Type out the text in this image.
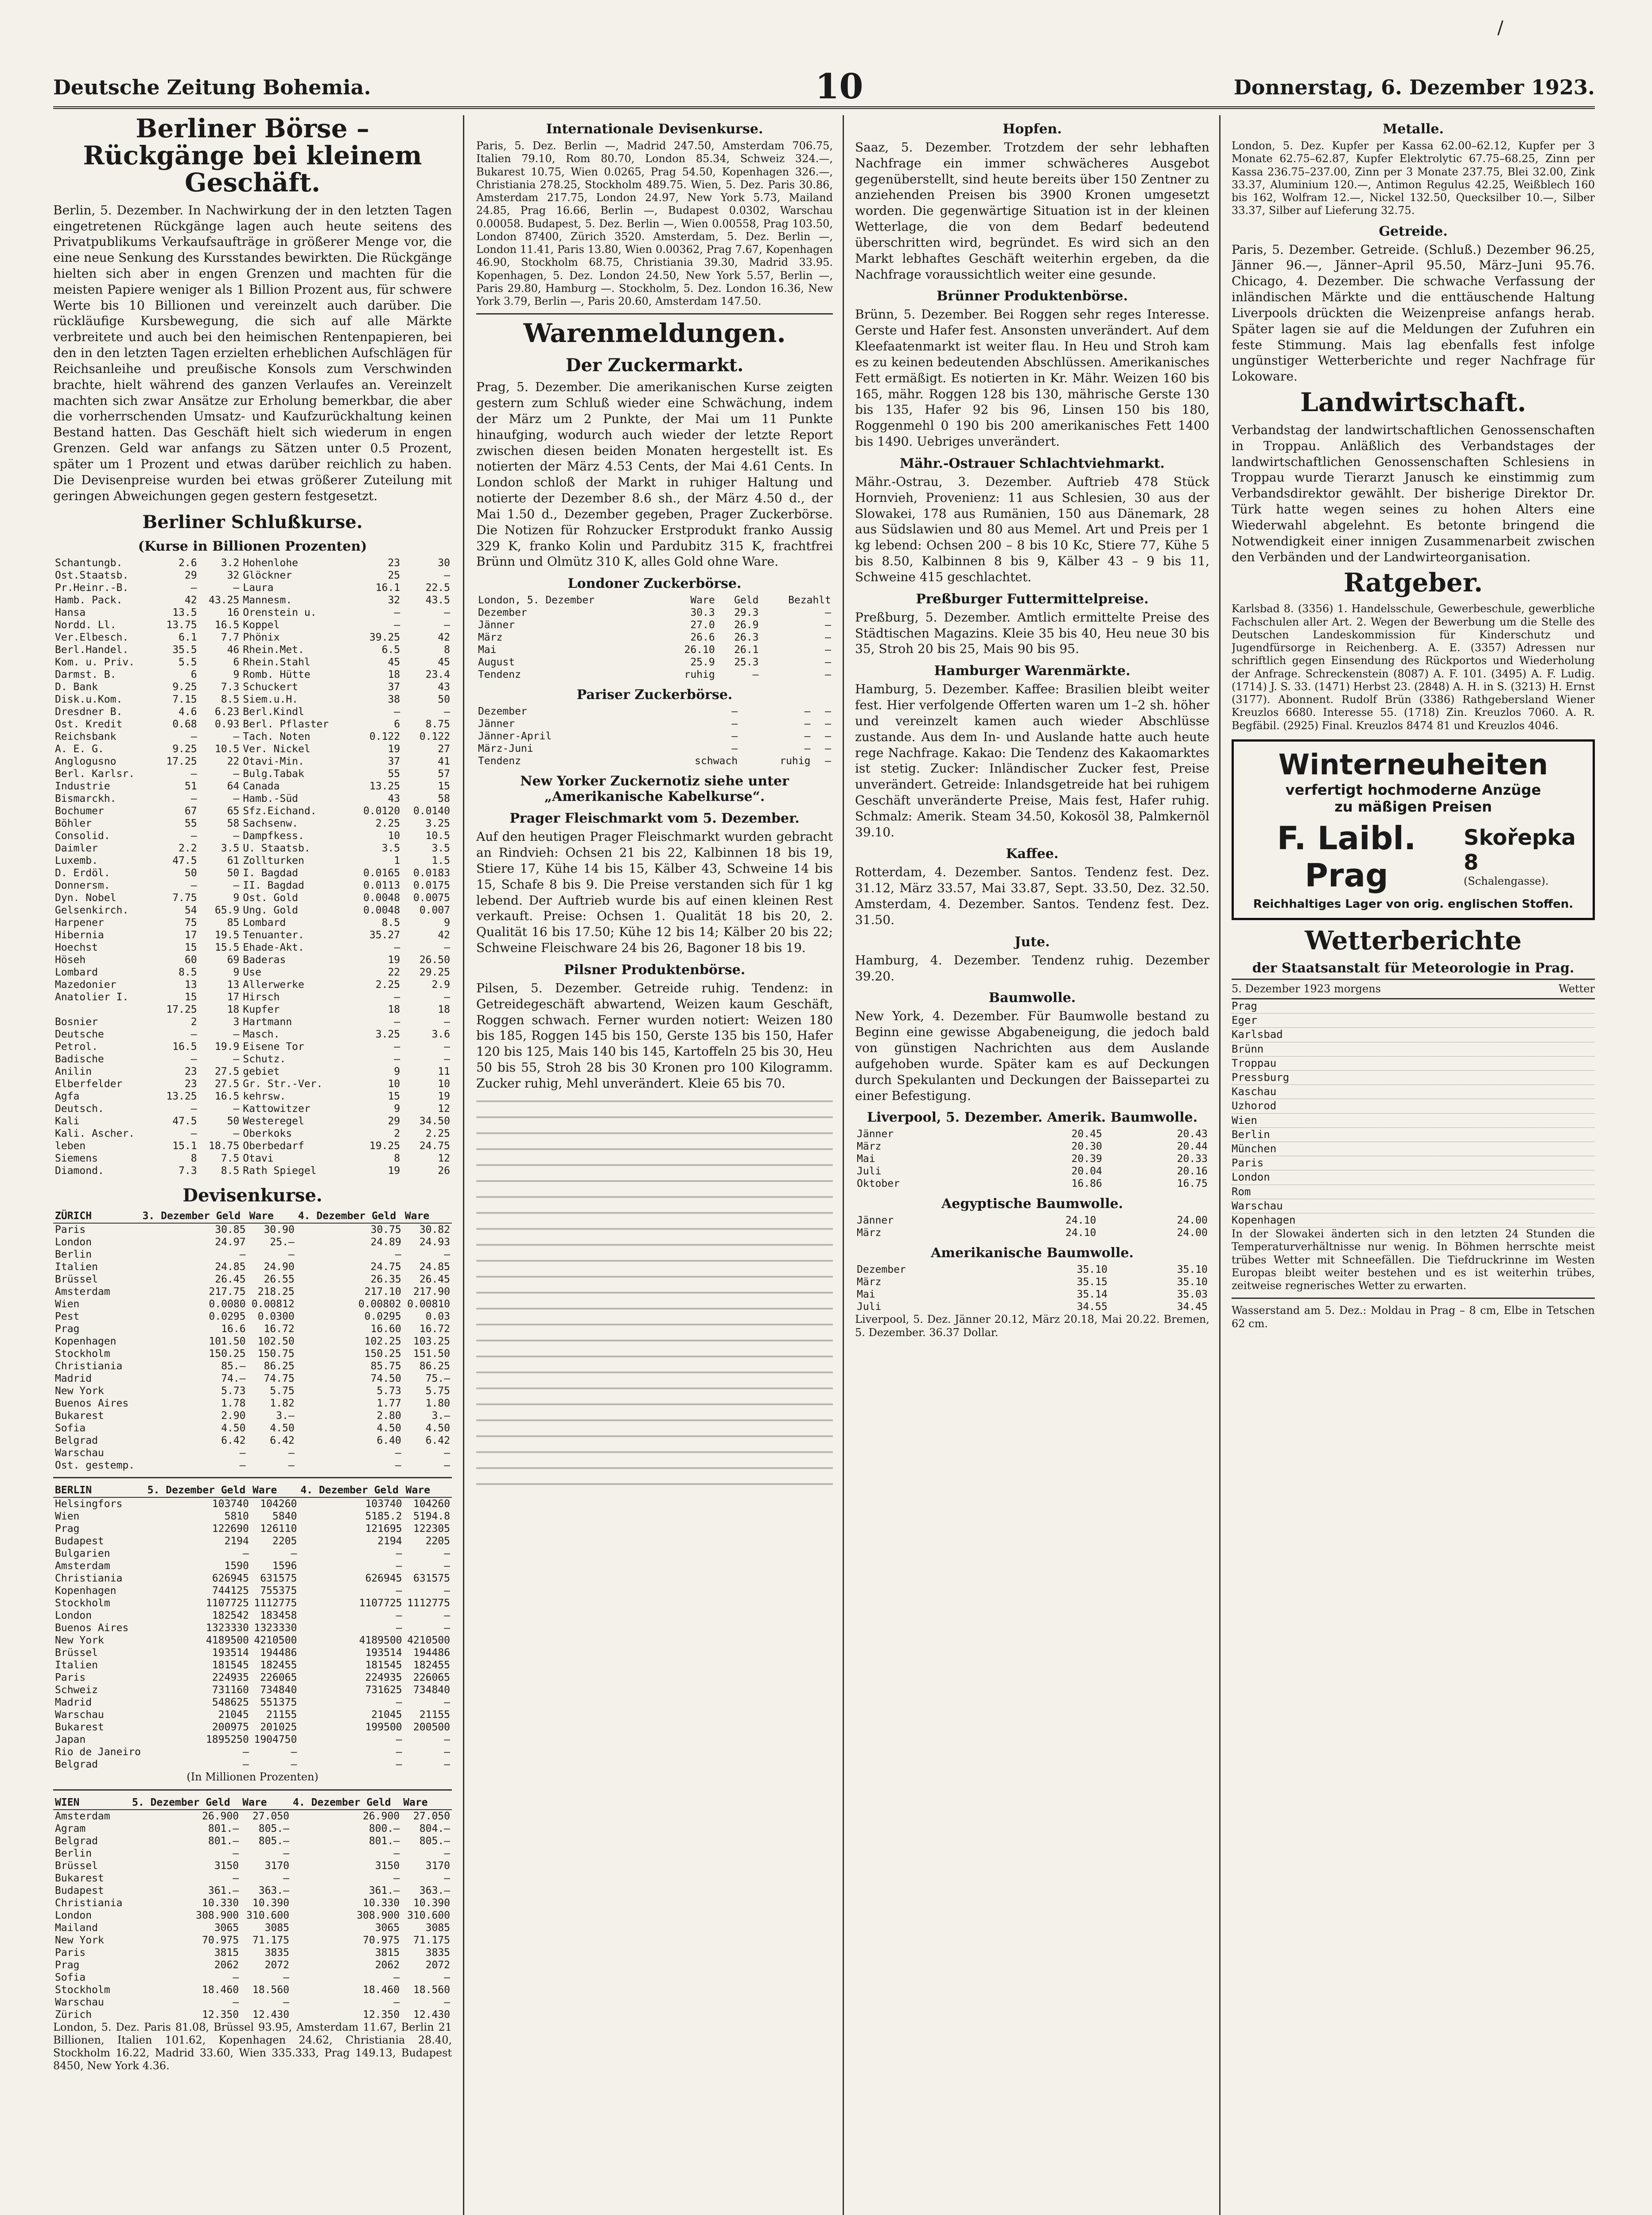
Deutsche Zeitung Bohemia.	10	Donnerstag, 6. Dezember 1923.
Berliner Börse – Rückgänge bei kleinem Geschäft.

Berlin, 5. Dezember. In Nachwirkung der in den letzten Tagen eingetretenen Rückgänge lagen auch heute seitens des Privatpublikums Verkaufsaufträge in größerer Menge vor, die eine neue Senkung des Kursstandes bewirkten. Die Rückgänge hielten sich aber in engen Grenzen und machten für die meisten Papiere weniger als 1 Billion Prozent aus, für schwere Werte bis 10 Billionen und vereinzelt auch darüber. Die rückläufige Kursbewegung, die sich auf alle Märkte verbreitete und auch bei den heimischen Rentenpapieren, bei den in den letzten Tagen erzielten erheblichen Aufschlägen für Reichsanleihe und preußische Konsols zum Verschwinden brachte, hielt während des ganzen Verlaufes an. Vereinzelt machten sich zwar Ansätze zur Erholung bemerkbar, die aber die vorherrschenden Umsatz- und Kaufzurückhaltung keinen Bestand hatten. Das Geschäft hielt sich wiederum in engen Grenzen. Geld war anfangs zu Sätzen unter 0.5 Prozent, später um 1 Prozent und etwas darüber reichlich zu haben. Die Devisenpreise wurden bei etwas größerer Zuteilung mit geringen Abweichungen gegen gestern festgesetzt.

Berliner Schlußkurse.
(Kurse in Billionen Prozenten)
Schantungb.	2.6	3.2	Hohenlohe	23	30
Ost.Staatsb.	29	32	Glöckner	25	—
Pr.Heinr.-B.	—	—	Laura	16.1	22.5
Hamb. Pack.	42	43.25	Mannesm.	32	43.5
Hansa	13.5	16	Orenstein u.	—	—
Nordd. Ll.	13.75	16.5	Koppel	—	—
Ver.Elbesch.	6.1	7.7	Phönix	39.25	42
Berl.Handel.	35.5	46	Rhein.Met.	6.5	8
Kom. u. Priv.	5.5	6	Rhein.Stahl	45	45
Darmst. B.	6	9	Romb. Hütte	18	23.4
D. Bank	9.25	7.3	Schuckert	37	43
Disk.u.Kom.	7.15	8.5	Siem.u.H.	38	50
Dresdner B.	4.6	6.23	Berl.Kindl	—	—
Ost. Kredit	0.68	0.93	Berl. Pflaster	6	8.75
Reichsbank	—	—	Tach. Noten	0.122	0.122
A. E. G.	9.25	10.5	Ver. Nickel	19	27
Anglogusno	17.25	22	Otavi-Min.	37	41
Berl. Karlsr.	—	—	Bulg.Tabak	55	57
Industrie	51	64	Canada	13.25	15
Bismarckh.	—	—	Hamb.-Süd	43	58
Bochumer	67	65	Sfz.Eichand.	0.0120	0.0140
Böhler	55	58	Sachsenw.	2.25	3.25
Consolid.	—	—	Dampfkess.	10	10.5
Daimler	2.2	3.5	U. Staatsb.	3.5	3.5
Luxemb.	47.5	61	Zollturken	1	1.5
D. Erdöl.	50	50	I. Bagdad	0.0165	0.0183
Donnersm.	—	—	II. Bagdad	0.0113	0.0175
Dyn. Nobel	7.75	9	Ost. Gold	0.0048	0.0075
Gelsenkirch.	54	65.9	Ung. Gold	0.0048	0.007
Harpener	75	85	Lombard	8.5	9
Hibernia	17	19.5	Tenuanter.	35.27	42
Hoechst	15	15.5	Ehade-Akt.	—	—
Höseh	60	69	Baderas	19	26.50
Lombard	8.5	9	Use	22	29.25
Mazedonier	13	13	Allerwerke	2.25	2.9
Anatolier I.	15	17	Hirsch	—	—
	17.25	18	Kupfer	18	18
Bosnier	2	3	Hartmann	—	—
Deutsche	—	—	Masch.	3.25	3.6
Petrol.	16.5	19.9	Eisene Tor	—	—
Badische	—	—	Schutz.	—	—
Anilin	23	27.5	gebiet	9	11
Elberfelder	23	27.5	Gr. Str.-Ver.	10	10
Agfa	13.25	16.5	kehrsw.	15	19
Deutsch.	—	—	Kattowitzer	9	12
Kali	47.5	50	Westeregel	29	34.50
Kali. Ascher.	—	—	Oberkoks	2	2.25
leben	15.1	18.75	Oberbedarf	19.25	24.75
Siemens	8	7.5	Otavi	8	12
Diamond.	7.3	8.5	Rath Spiegel	19	26
Devisenkurse.
ZÜRICH	3. Dezember Geld	Ware	4. Dezember Geld	Ware
Paris	30.85	30.90	30.75	30.82
London	24.97	25.—	24.89	24.93
Berlin	—	—	—	—
Italien	24.85	24.90	24.75	24.85
Brüssel	26.45	26.55	26.35	26.45
Amsterdam	217.75	218.25	217.10	217.90
Wien	0.0080	0.00812	0.00802	0.00810
Pest	0.0295	0.0300	0.0295	0.03
Prag	16.6	16.72	16.60	16.72
Kopenhagen	101.50	102.50	102.25	103.25
Stockholm	150.25	150.75	150.25	151.50
Christiania	85.—	86.25	85.75	86.25
Madrid	74.—	74.75	74.50	75.—
New York	5.73	5.75	5.73	5.75
Buenos Aires	1.78	1.82	1.77	1.80
Bukarest	2.90	3.—	2.80	3.—
Sofia	4.50	4.50	4.50	4.50
Belgrad	6.42	6.42	6.40	6.42
Warschau	—	—	—	—
Ost. gestemp.	—	—	—	—
BERLIN	5. Dezember Geld	Ware	4. Dezember Geld	Ware
Helsingfors	103740	104260	103740	104260
Wien	5810	5840	5185.2	5194.8
Prag	122690	126110	121695	122305
Budapest	2194	2205	2194	2205
Bulgarien	—	—	—	—
Amsterdam	1590	1596	—	—
Christiania	626945	631575	626945	631575
Kopenhagen	744125	755375	—	—
Stockholm	1107725	1112775	1107725	1112775
London	182542	183458	—	—
Buenos Aires	1323330	1323330	—	—
New York	4189500	4210500	4189500	4210500
Brüssel	193514	194486	193514	194486
Italien	181545	182455	181545	182455
Paris	224935	226065	224935	226065
Schweiz	731160	734840	731625	734840
Madrid	548625	551375	—	—
Warschau	21045	21155	21045	21155
Bukarest	200975	201025	199500	200500
Japan	1895250	1904750	—	—
Rio de Janeiro	—	—	—	—
Belgrad	—	—	—	—
(In Millionen Prozenten)
WIEN	5. Dezember Geld	Ware	4. Dezember Geld	Ware
Amsterdam	26.900	27.050	26.900	27.050
Agram	801.—	805.—	800.—	804.—
Belgrad	801.—	805.—	801.—	805.—
Berlin	—	—	—	—
Brüssel	3150	3170	3150	3170
Bukarest	—	—	—	—
Budapest	361.—	363.—	361.—	363.—
Christiania	10.330	10.390	10.330	10.390
London	308.900	310.600	308.900	310.600
Mailand	3065	3085	3065	3085
New York	70.975	71.175	70.975	71.175
Paris	3815	3835	3815	3835
Prag	2062	2072	2062	2072
Sofia	—	—	—	—
Stockholm	18.460	18.560	18.460	18.560
Warschau	—	—	—	—
Zürich	12.350	12.430	12.350	12.430

London, 5. Dez. Paris 81.08, Brüssel 93.95, Amsterdam 11.67, Berlin 21 Billionen, Italien 101.62, Kopenhagen 24.62, Christiania 28.40, Stockholm 16.22, Madrid 33.60, Wien 335.333, Prag 149.13, Budapest 8450, New York 4.36.

Internationale Devisenkurse.

Paris, 5. Dez. Berlin —, Madrid 247.50, Amsterdam 706.75, Italien 79.10, Rom 80.70, London 85.34, Schweiz 324.—, Bukarest 10.75, Wien 0.0265, Prag 54.50, Kopenhagen 326.—, Christiania 278.25, Stockholm 489.75. Wien, 5. Dez. Paris 30.86, Amsterdam 217.75, London 24.97, New York 5.73, Mailand 24.85, Prag 16.66, Berlin —, Budapest 0.0302, Warschau 0.00058. Budapest, 5. Dez. Berlin —, Wien 0.00558, Prag 103.50, London 87400, Zürich 3520. Amsterdam, 5. Dez. Berlin —, London 11.41, Paris 13.80, Wien 0.00362, Prag 7.67, Kopenhagen 46.90, Stockholm 68.75, Christiania 39.30, Madrid 33.95. Kopenhagen, 5. Dez. London 24.50, New York 5.57, Berlin —, Paris 29.80, Hamburg —. Stockholm, 5. Dez. London 16.36, New York 3.79, Berlin —, Paris 20.60, Amsterdam 147.50.

Warenmeldungen.
Der Zuckermarkt.

Prag, 5. Dezember. Die amerikanischen Kurse zeigten gestern zum Schluß wieder eine Schwächung, indem der März um 2 Punkte, der Mai um 11 Punkte hinaufging, wodurch auch wieder der letzte Report zwischen diesen beiden Monaten hergestellt ist. Es notierten der März 4.53 Cents, der Mai 4.61 Cents. In London schloß der Markt in ruhiger Haltung und notierte der Dezember 8.6 sh., der März 4.50 d., der Mai 1.50 d., Dezember gegeben, Prager Zuckerbörse. Die Notizen für Rohzucker Erstprodukt franko Aussig 329 K, franko Kolin und Pardubitz 315 K, frachtfrei Brünn und Olmütz 310 K, alles Gold ohne Ware.

Londoner Zuckerbörse.
London, 5. Dezember	Ware	Geld	Bezahlt
Dezember	30.3	29.3	—
Jänner	27.0	26.9	—
März	26.6	26.3	—
Mai	26.10	26.1	—
August	25.9	25.3	—
Tendenz	ruhig	—	—
Pariser Zuckerbörse.
Dezember	—	—	—
Jänner	—	—	—
Jänner-April	—	—	—
März-Juni	—	—	—
Tendenz	schwach	ruhig	—
New Yorker Zuckernotiz siehe unter „Amerikanische Kabelkurse“.
Prager Fleischmarkt vom 5. Dezember.

Auf den heutigen Prager Fleischmarkt wurden gebracht an Rindvieh: Ochsen 21 bis 22, Kalbinnen 18 bis 19, Stiere 17, Kühe 14 bis 15, Kälber 43, Schweine 14 bis 15, Schafe 8 bis 9. Die Preise verstanden sich für 1 kg lebend. Der Auftrieb wurde bis auf einen kleinen Rest verkauft. Preise: Ochsen 1. Qualität 18 bis 20, 2. Qualität 16 bis 17.50; Kühe 12 bis 14; Kälber 20 bis 22; Schweine Fleischware 24 bis 26, Bagoner 18 bis 19.

Pilsner Produktenbörse.

Pilsen, 5. Dezember. Getreide ruhig. Tendenz: in Getreidegeschäft abwartend, Weizen kaum Geschäft, Roggen schwach. Ferner wurden notiert: Weizen 180 bis 185, Roggen 145 bis 150, Gerste 135 bis 150, Hafer 120 bis 125, Mais 140 bis 145, Kartoffeln 25 bis 30, Heu 50 bis 55, Stroh 28 bis 30 Kronen pro 100 Kilogramm. Zucker ruhig, Mehl unverändert. Kleie 65 bis 70.

Hopfen.

Saaz, 5. Dezember. Trotzdem der sehr lebhaften Nachfrage ein immer schwächeres Ausgebot gegenüberstellt, sind heute bereits über 150 Zentner zu anziehenden Preisen bis 3900 Kronen umgesetzt worden. Die gegenwärtige Situation ist in der kleinen Wetterlage, die von dem Bedarf bedeutend überschritten wird, begründet. Es wird sich an den Markt lebhaftes Geschäft weiterhin ergeben, da die Nachfrage voraussichtlich weiter eine gesunde.

Brünner Produktenbörse.

Brünn, 5. Dezember. Bei Roggen sehr reges Interesse. Gerste und Hafer fest. Ansonsten unverändert. Auf dem Kleefaatenmarkt ist weiter flau. In Heu und Stroh kam es zu keinen bedeutenden Abschlüssen. Amerikanisches Fett ermäßigt. Es notierten in Kr. Mähr. Weizen 160 bis 165, mähr. Roggen 128 bis 130, mährische Gerste 130 bis 135, Hafer 92 bis 96, Linsen 150 bis 180, Roggenmehl 0 190 bis 200 amerikanisches Fett 1400 bis 1490. Uebriges unverändert.

Mähr.-Ostrauer Schlachtviehmarkt.

Mähr.-Ostrau, 3. Dezember. Auftrieb 478 Stück Hornvieh, Provenienz: 11 aus Schlesien, 30 aus der Slowakei, 178 aus Rumänien, 150 aus Dänemark, 28 aus Südslawien und 80 aus Memel. Art und Preis per 1 kg lebend: Ochsen 200 – 8 bis 10 Kc, Stiere 77, Kühe 5 bis 8.50, Kalbinnen 8 bis 9, Kälber 43 – 9 bis 11, Schweine 415 geschlachtet.

Preßburger Futtermittelpreise.

Preßburg, 5. Dezember. Amtlich ermittelte Preise des Städtischen Magazins. Kleie 35 bis 40, Heu neue 30 bis 35, Stroh 20 bis 25, Mais 90 bis 95.

Hamburger Warenmärkte.

Hamburg, 5. Dezember. Kaffee: Brasilien bleibt weiter fest. Hier verfolgende Offerten waren um 1–2 sh. höher und vereinzelt kamen auch wieder Abschlüsse zustande. Aus dem In- und Auslande hatte auch heute rege Nachfrage. Kakao: Die Tendenz des Kakaomarktes ist stetig. Zucker: Inländischer Zucker fest, Preise unverändert. Getreide: Inlandsgetreide hat bei ruhigem Geschäft unveränderte Preise, Mais fest, Hafer ruhig. Schmalz: Amerik. Steam 34.50, Kokosöl 38, Palmkernöl 39.10.

Kaffee.

Rotterdam, 4. Dezember. Santos. Tendenz fest. Dez. 31.12, März 33.57, Mai 33.87, Sept. 33.50, Dez. 32.50. Amsterdam, 4. Dezember. Santos. Tendenz fest. Dez. 31.50.

Jute.

Hamburg, 4. Dezember. Tendenz ruhig. Dezember 39.20.

Baumwolle.

New York, 4. Dezember. Für Baumwolle bestand zu Beginn eine gewisse Abgabeneigung, die jedoch bald von günstigen Nachrichten aus dem Auslande aufgehoben wurde. Später kam es auf Deckungen durch Spekulanten und Deckungen der Baissepartei zu einer Befestigung.

Liverpool, 5. Dezember. Amerik. Baumwolle.
Jänner	20.45	20.43
März	20.30	20.44
Mai	20.39	20.33
Juli	20.04	20.16
Oktober	16.86	16.75
Aegyptische Baumwolle.
Jänner	24.10	24.00
März	24.10	24.00
Amerikanische Baumwolle.
Dezember	35.10	35.10
März	35.15	35.10
Mai	35.14	35.03
Juli	34.55	34.45

Liverpool, 5. Dez. Jänner 20.12, März 20.18, Mai 20.22. Bremen, 5. Dezember. 36.37 Dollar.

Metalle.

London, 5. Dez. Kupfer per Kassa 62.00–62.12, Kupfer per 3 Monate 62.75–62.87, Kupfer Elektrolytic 67.75–68.25, Zinn per Kassa 236.75–237.00, Zinn per 3 Monate 237.75, Blei 32.00, Zink 33.37, Aluminium 120.—, Antimon Regulus 42.25, Weißblech 160 bis 162, Wolfram 12.—, Nickel 132.50, Quecksilber 10.—, Silber 33.37, Silber auf Lieferung 32.75.

Getreide.

Paris, 5. Dezember. Getreide. (Schluß.) Dezember 96.25, Jänner 96.—, Jänner–April 95.50, März–Juni 95.76. Chicago, 4. Dezember. Die schwache Verfassung der inländischen Märkte und die enttäuschende Haltung Liverpools drückten die Weizenpreise anfangs herab. Später lagen sie auf die Meldungen der Zufuhren ein feste Stimmung. Mais lag ebenfalls fest infolge ungünstiger Wetterberichte und reger Nachfrage für Lokoware.

Landwirtschaft.

Verbandstag der landwirtschaftlichen Genossenschaften in Troppau. Anläßlich des Verbandstages der landwirtschaftlichen Genossenschaften Schlesiens in Troppau wurde Tierarzt Janusch ke einstimmig zum Verbandsdirektor gewählt. Der bisherige Direktor Dr. Türk hatte wegen seines zu hohen Alters eine Wiederwahl abgelehnt. Es betonte bringend die Notwendigkeit einer innigen Zusammenarbeit zwischen den Verbänden und der Landwirteorganisation.

Ratgeber.

Karlsbad 8. (3356) 1. Handelsschule, Gewerbeschule, gewerbliche Fachschulen aller Art. 2. Wegen der Bewerbung um die Stelle des Deutschen Landeskommission für Kinderschutz und Jugendfürsorge in Reichenberg. A. E. (3357) Adressen nur schriftlich gegen Einsendung des Rückportos und Wiederholung der Anfrage. Schreckenstein (8087) A. F. 101. (3495) A. F. Ludig. (1714) J. S. 33. (1471) Herbst 23. (2848) A. H. in S. (3213) H. Ernst (3177). Abonnent. Rudolf Brün (3386) Rathgebersland Wiener Kreuzlos 6680. Interesse 55. (1718) Zin. Kreuzlos 7060. A. R. Begfäbil. (2925) Final. Kreuzlos 8474 81 und Kreuzlos 4046.

Winterneuheiten
verfertigt hochmoderne Anzüge
zu mäßigen Preisen
F. Laibl. Prag
Skořepka 8
(Schalengasse).
Reichhaltiges Lager von orig. englischen Stoffen.
Wetterberichte
der Staatsanstalt für Meteorologie in Prag.
5. Dezember 1923 morgens	Wetter
Prag
Eger
Karlsbad
Brünn
Troppau
Pressburg
Kaschau
Uzhorod
Wien
Berlin
München
Paris
London
Rom
Warschau
Kopenhagen

In der Slowakei änderten sich in den letzten 24 Stunden die Temperaturverhältnisse nur wenig. In Böhmen herrschte meist trübes Wetter mit Schneefällen. Die Tiefdruckrinne im Westen Europas bleibt weiter bestehen und es ist weiterhin trübes, zeitweise regnerisches Wetter zu erwarten.

Wasserstand am 5. Dez.: Moldau in Prag – 8 cm, Elbe in Tetschen 62 cm.

/
